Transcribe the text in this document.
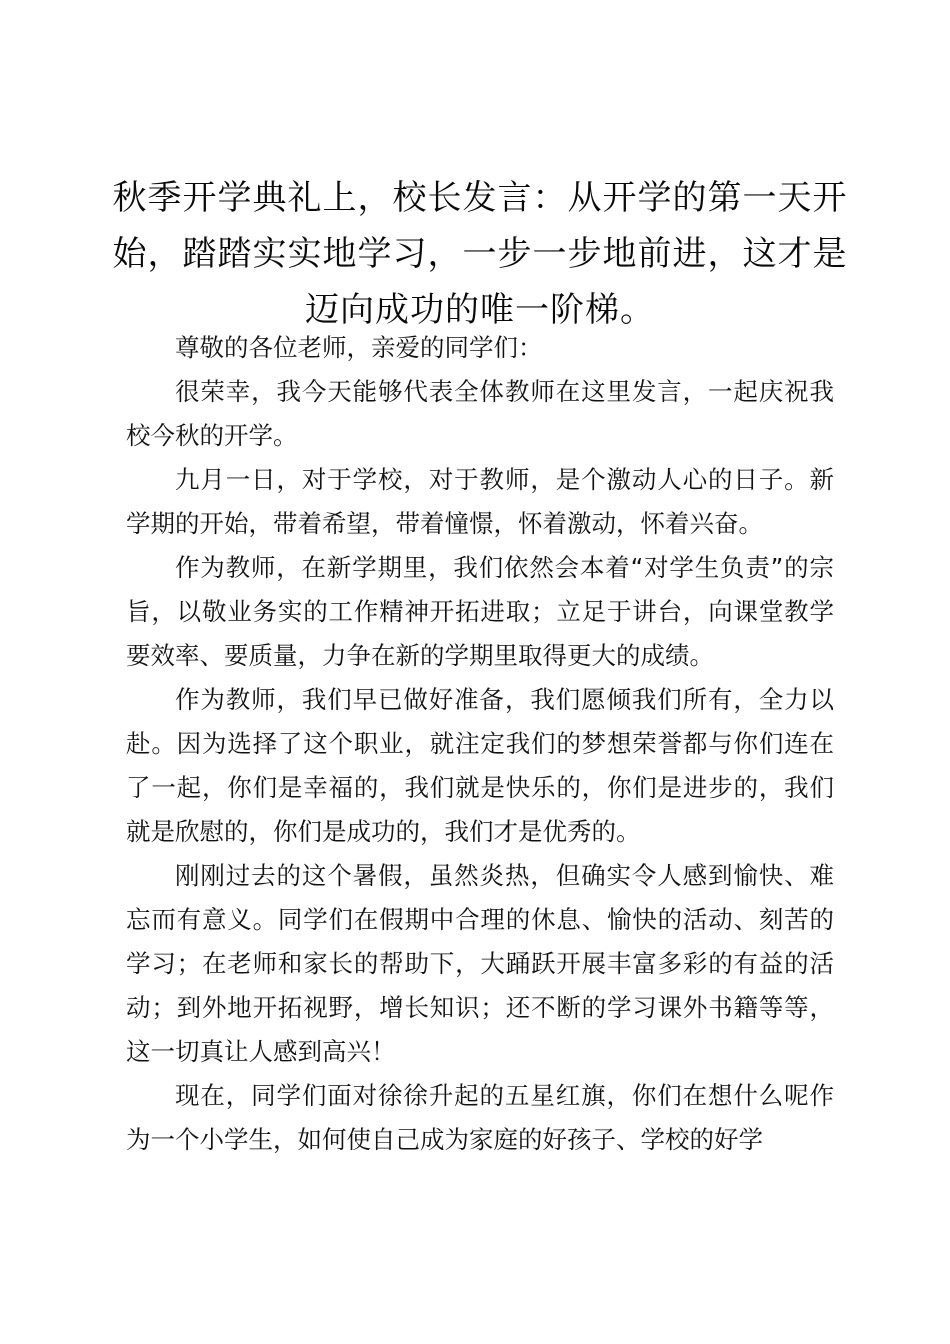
秋季开学典礼上，校长发言：从开学的第一天开始，踏踏实实地学习，一步一步地前进，这才是迈向成功的唯一阶梯。

尊敬的各位老师，亲爱的同学们：

很荣幸，我今天能够代表全体教师在这里发言，一起庆祝我校今秋的开学。

九月一日，对于学校，对于教师，是个激动人心的日子。新学期的开始，带着希望，带着憧憬，怀着激动，怀着兴奋。

作为教师，在新学期里，我们依然会本着“对学生负责”的宗旨，以敬业务实的工作精神开拓进取；立足于讲台，向课堂教学要效率、要质量，力争在新的学期里取得更大的成绩。

作为教师，我们早已做好准备，我们愿倾我们所有，全力以赴。因为选择了这个职业，就注定我们的梦想荣誉都与你们连在了一起，你们是幸福的，我们就是快乐的，你们是进步的，我们就是欣慰的，你们是成功的，我们才是优秀的。

刚刚过去的这个暑假，虽然炎热，但确实令人感到愉快、难忘而有意义。同学们在假期中合理的休息、愉快的活动、刻苦的学习；在老师和家长的帮助下，大踊跃开展丰富多彩的有益的活动；到外地开拓视野，增长知识；还不断的学习课外书籍等等，这一切真让人感到高兴！

现在，同学们面对徐徐升起的五星红旗，你们在想什么呢作为一个小学生，如何使自己成为家庭的好孩子、学校的好学
